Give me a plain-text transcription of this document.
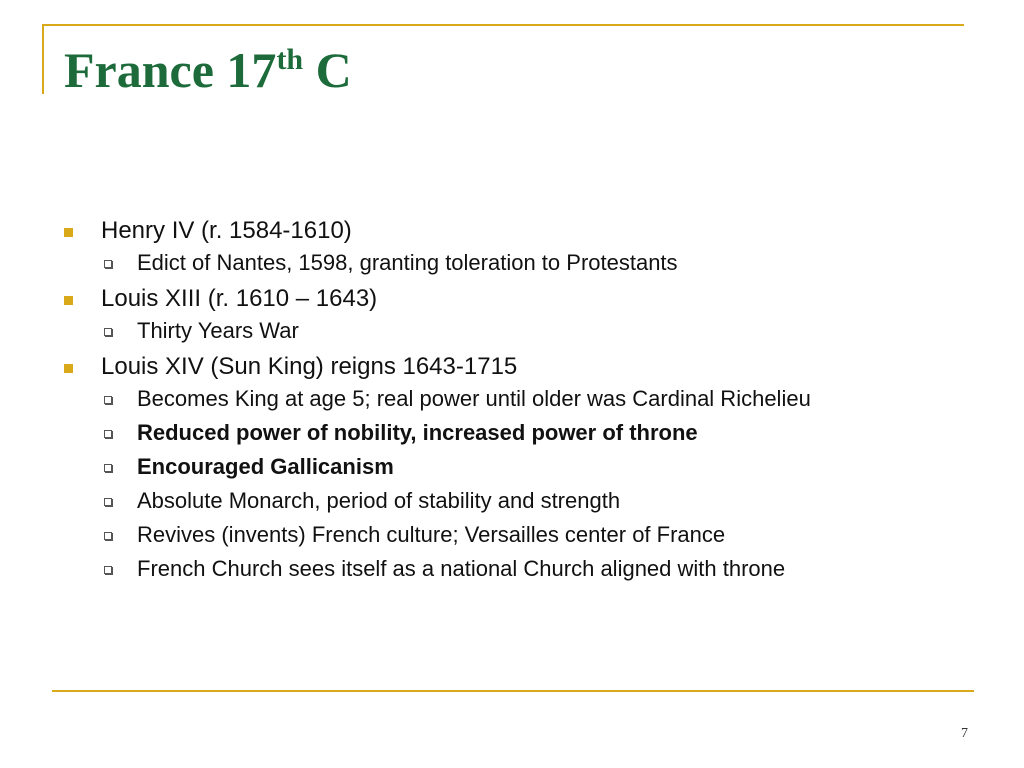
France 17th C
Henry IV (r. 1584-1610)
Edict of Nantes, 1598, granting toleration to Protestants
Louis XIII (r. 1610 – 1643)
Thirty Years War
Louis XIV (Sun King) reigns 1643-1715
Becomes King at age 5; real power until older was Cardinal Richelieu
Reduced power of nobility, increased power of throne
Encouraged Gallicanism
Absolute Monarch, period of stability and strength
Revives (invents) French culture; Versailles center of France
French Church sees itself as a national Church aligned with throne
7
